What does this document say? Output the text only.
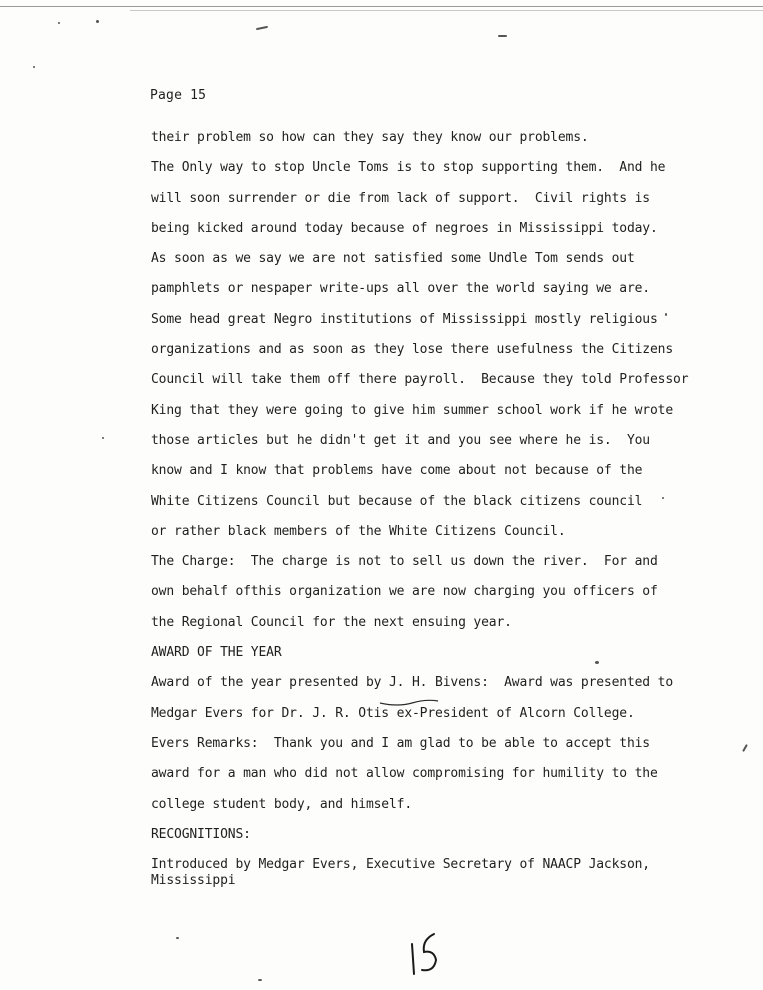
Page 15
their problem so how can they say they know our problems.
The Only way to stop Uncle Toms is to stop supporting them.  And he
will soon surrender or die from lack of support.  Civil rights is
being kicked around today because of negroes in Mississippi today.
As soon as we say we are not satisfied some Undle Tom sends out
pamphlets or nespaper write-ups all over the world saying we are.
Some head great Negro institutions of Mississippi mostly religious
organizations and as soon as they lose there usefulness the Citizens
Council will take them off there payroll.  Because they told Professor
King that they were going to give him summer school work if he wrote
those articles but he didn't get it and you see where he is.  You
know and I know that problems have come about not because of the
White Citizens Council but because of the black citizens council
or rather black members of the White Citizens Council.
The Charge:  The charge is not to sell us down the river.  For and
own behalf ofthis organization we are now charging you officers of
the Regional Council for the next ensuing year.
AWARD OF THE YEAR
Award of the year presented by J. H. Bivens:  Award was presented to
Medgar Evers for Dr. J. R. Otis ex-President of Alcorn College.
Evers Remarks:  Thank you and I am glad to be able to accept this
award for a man who did not allow compromising for humility to the
college student body, and himself.
RECOGNITIONS:
Introduced by Medgar Evers, Executive Secretary of NAACP Jackson,
Mississippi
